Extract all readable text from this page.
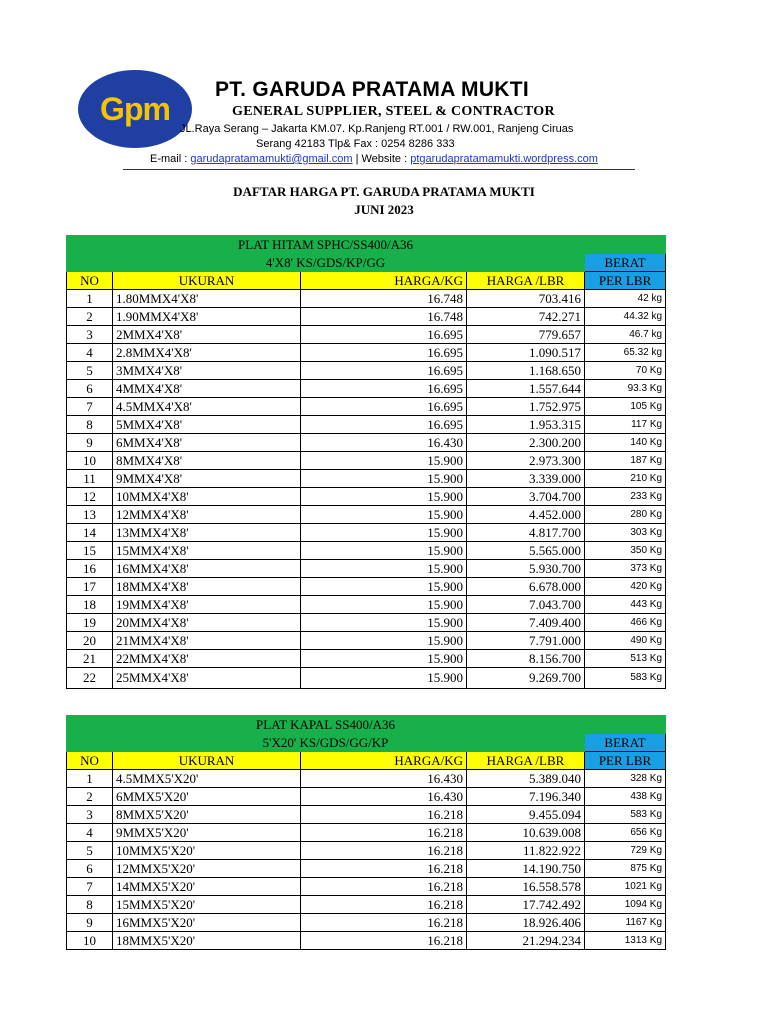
Gpm
PT. GARUDA PRATAMA MUKTI
GENERAL SUPPLIER, STEEL & CONTRACTOR
JL.Raya Serang – Jakarta KM.07. Kp.Ranjeng RT.001 / RW.001, Ranjeng Ciruas
Serang 42183 Tlp& Fax : 0254 8286 333
E-mail : garudapratamamukti@gmail.com | Website : ptgarudapratamamukti.wordpress.com
DAFTAR HARGA PT. GARUDA PRATAMA MUKTI
JUNI 2023
PLAT HITAM SPHC/SS400/A36				
4'X8' KS/GDS/KP/GG				BERAT
NO	UKURAN	HARGA/KG	HARGA /LBR	PER LBR
1	1.80MMX4'X8'	16.748	703.416	42 kg
2	1.90MMX4'X8'	16.748	742.271	44.32 kg
3	2MMX4'X8'	16.695	779.657	46.7 kg
4	2.8MMX4'X8'	16.695	1.090.517	65.32 kg
5	3MMX4'X8'	16.695	1.168.650	70 Kg
6	4MMX4'X8'	16.695	1.557.644	93.3 Kg
7	4.5MMX4'X8'	16.695	1.752.975	105 Kg
8	5MMX4'X8'	16.695	1.953.315	117 Kg
9	6MMX4'X8'	16.430	2.300.200	140 Kg
10	8MMX4'X8'	15.900	2.973.300	187 Kg
11	9MMX4'X8'	15.900	3.339.000	210 Kg
12	10MMX4'X8'	15.900	3.704.700	233 Kg
13	12MMX4'X8'	15.900	4.452.000	280 Kg
14	13MMX4'X8'	15.900	4.817.700	303 Kg
15	15MMX4'X8'	15.900	5.565.000	350 Kg
16	16MMX4'X8'	15.900	5.930.700	373 Kg
17	18MMX4'X8'	15.900	6.678.000	420 Kg
18	19MMX4'X8'	15.900	7.043.700	443 Kg
19	20MMX4'X8'	15.900	7.409.400	466 Kg
20	21MMX4'X8'	15.900	7.791.000	490 Kg
21	22MMX4'X8'	15.900	8.156.700	513 Kg
22	25MMX4'X8'	15.900	9.269.700	583 Kg
PLAT KAPAL SS400/A36				
5'X20' KS/GDS/GG/KP				BERAT
NO	UKURAN	HARGA/KG	HARGA /LBR	PER LBR
1	4.5MMX5'X20'	16.430	5.389.040	328 Kg
2	6MMX5'X20'	16.430	7.196.340	438 Kg
3	8MMX5'X20'	16.218	9.455.094	583 Kg
4	9MMX5'X20'	16.218	10.639.008	656 Kg
5	10MMX5'X20'	16.218	11.822.922	729 Kg
6	12MMX5'X20'	16.218	14.190.750	875 Kg
7	14MMX5'X20'	16.218	16.558.578	1021 Kg
8	15MMX5'X20'	16.218	17.742.492	1094 Kg
9	16MMX5'X20'	16.218	18.926.406	1167 Kg
10	18MMX5'X20'	16.218	21.294.234	1313 Kg
